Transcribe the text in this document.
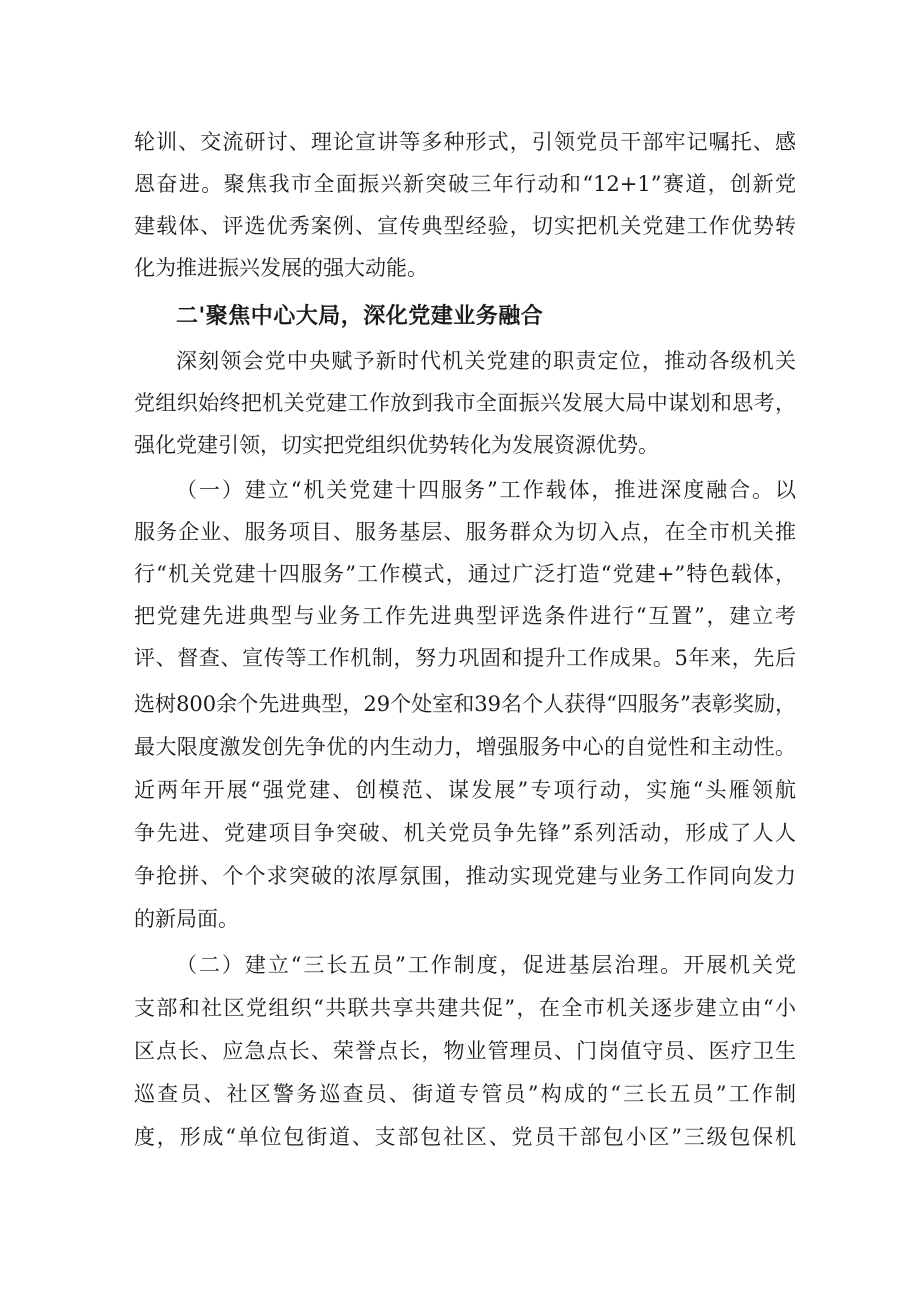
轮训、交流研讨、理论宣讲等多种形式，引领党员干部牢记嘱托、感
恩奋进。聚焦我市全面振兴新突破三年行动和“12+1”赛道，创新党
建载体、评选优秀案例、宣传典型经验，切实把机关党建工作优势转
化为推进振兴发展的强大动能。
二'聚焦中心大局，深化党建业务融合
深刻领会党中央赋予新时代机关党建的职责定位，推动各级机关
党组织始终把机关党建工作放到我市全面振兴发展大局中谋划和思考，
强化党建引领，切实把党组织优势转化为发展资源优势。
（一）建立“机关党建十四服务”工作载体，推进深度融合。以
服务企业、服务项目、服务基层、服务群众为切入点，在全市机关推
行“机关党建十四服务”工作模式，通过广泛打造“党建+”特色载体，
把党建先进典型与业务工作先进典型评选条件进行“互置”，建立考
评、督查、宣传等工作机制，努力巩固和提升工作成果。5年来，先后
选树800余个先进典型，29个处室和39名个人获得“四服务”表彰奖励，
最大限度激发创先争优的内生动力，增强服务中心的自觉性和主动性。
近两年开展“强党建、创模范、谋发展”专项行动，实施“头雁领航
争先进、党建项目争突破、机关党员争先锋”系列活动，形成了人人
争抢拼、个个求突破的浓厚氛围，推动实现党建与业务工作同向发力
的新局面。
（二）建立“三长五员”工作制度，促进基层治理。开展机关党
支部和社区党组织“共联共享共建共促”，在全市机关逐步建立由“小
区点长、应急点长、荣誉点长，物业管理员、门岗值守员、医疗卫生
巡查员、社区警务巡查员、街道专管员”构成的“三长五员”工作制
度，形成“单位包街道、支部包社区、党员干部包小区”三级包保机
